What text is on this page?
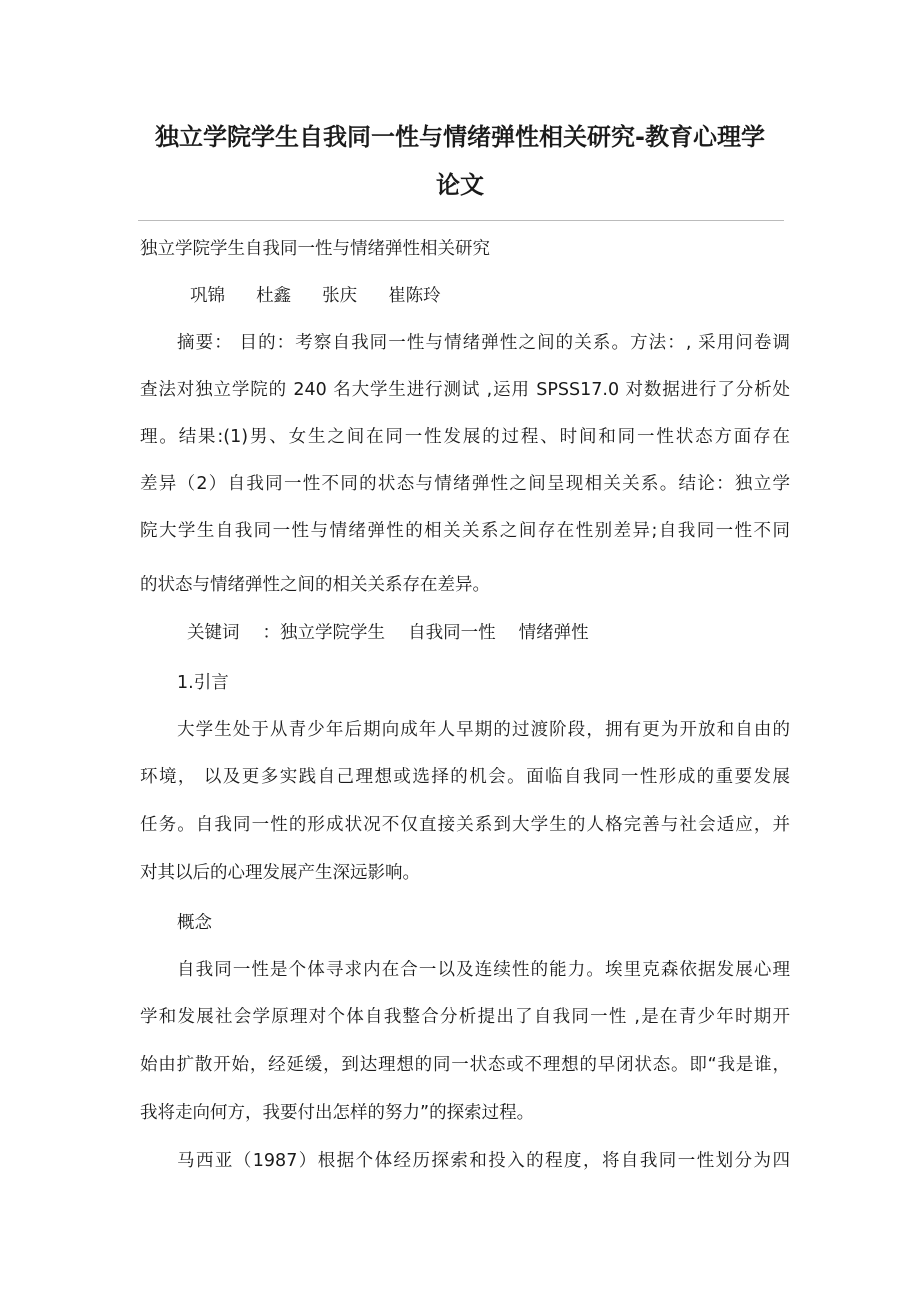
独立学院学生自我同一性与情绪弹性相关研究-教育心理学
论文
独立学院学生自我同一性与情绪弹性相关研究
巩锦　 杜鑫　 张庆　 崔陈玲
摘要： 目的：考察自我同一性与情绪弹性之间的关系。方法：, 采用问卷调
查法对独立学院的 240 名大学生进行测试 ,运用 SPSS17.0 对数据进行了分析处
理。结果:(1)男、女生之间在同一性发展的过程、时间和同一性状态方面存在
差异（2）自我同一性不同的状态与情绪弹性之间呈现相关关系。结论：独立学
院大学生自我同一性与情绪弹性的相关关系之间存在性别差异;自我同一性不同
的状态与情绪弹性之间的相关关系存在差异。
关键词　 ：独立学院学生　 自我同一性　 情绪弹性
1.引言
大学生处于从青少年后期向成年人早期的过渡阶段，拥有更为开放和自由的
环境， 以及更多实践自己理想或选择的机会。面临自我同一性形成的重要发展
任务。自我同一性的形成状况不仅直接关系到大学生的人格完善与社会适应，并
对其以后的心理发展产生深远影响。
概念
自我同一性是个体寻求内在合一以及连续性的能力。埃里克森依据发展心理
学和发展社会学原理对个体自我整合分析提出了自我同一性 ,是在青少年时期开
始由扩散开始，经延缓，到达理想的同一状态或不理想的早闭状态。即“我是谁，
我将走向何方，我要付出怎样的努力”的探索过程。
马西亚（1987）根据个体经历探索和投入的程度，将自我同一性划分为四
